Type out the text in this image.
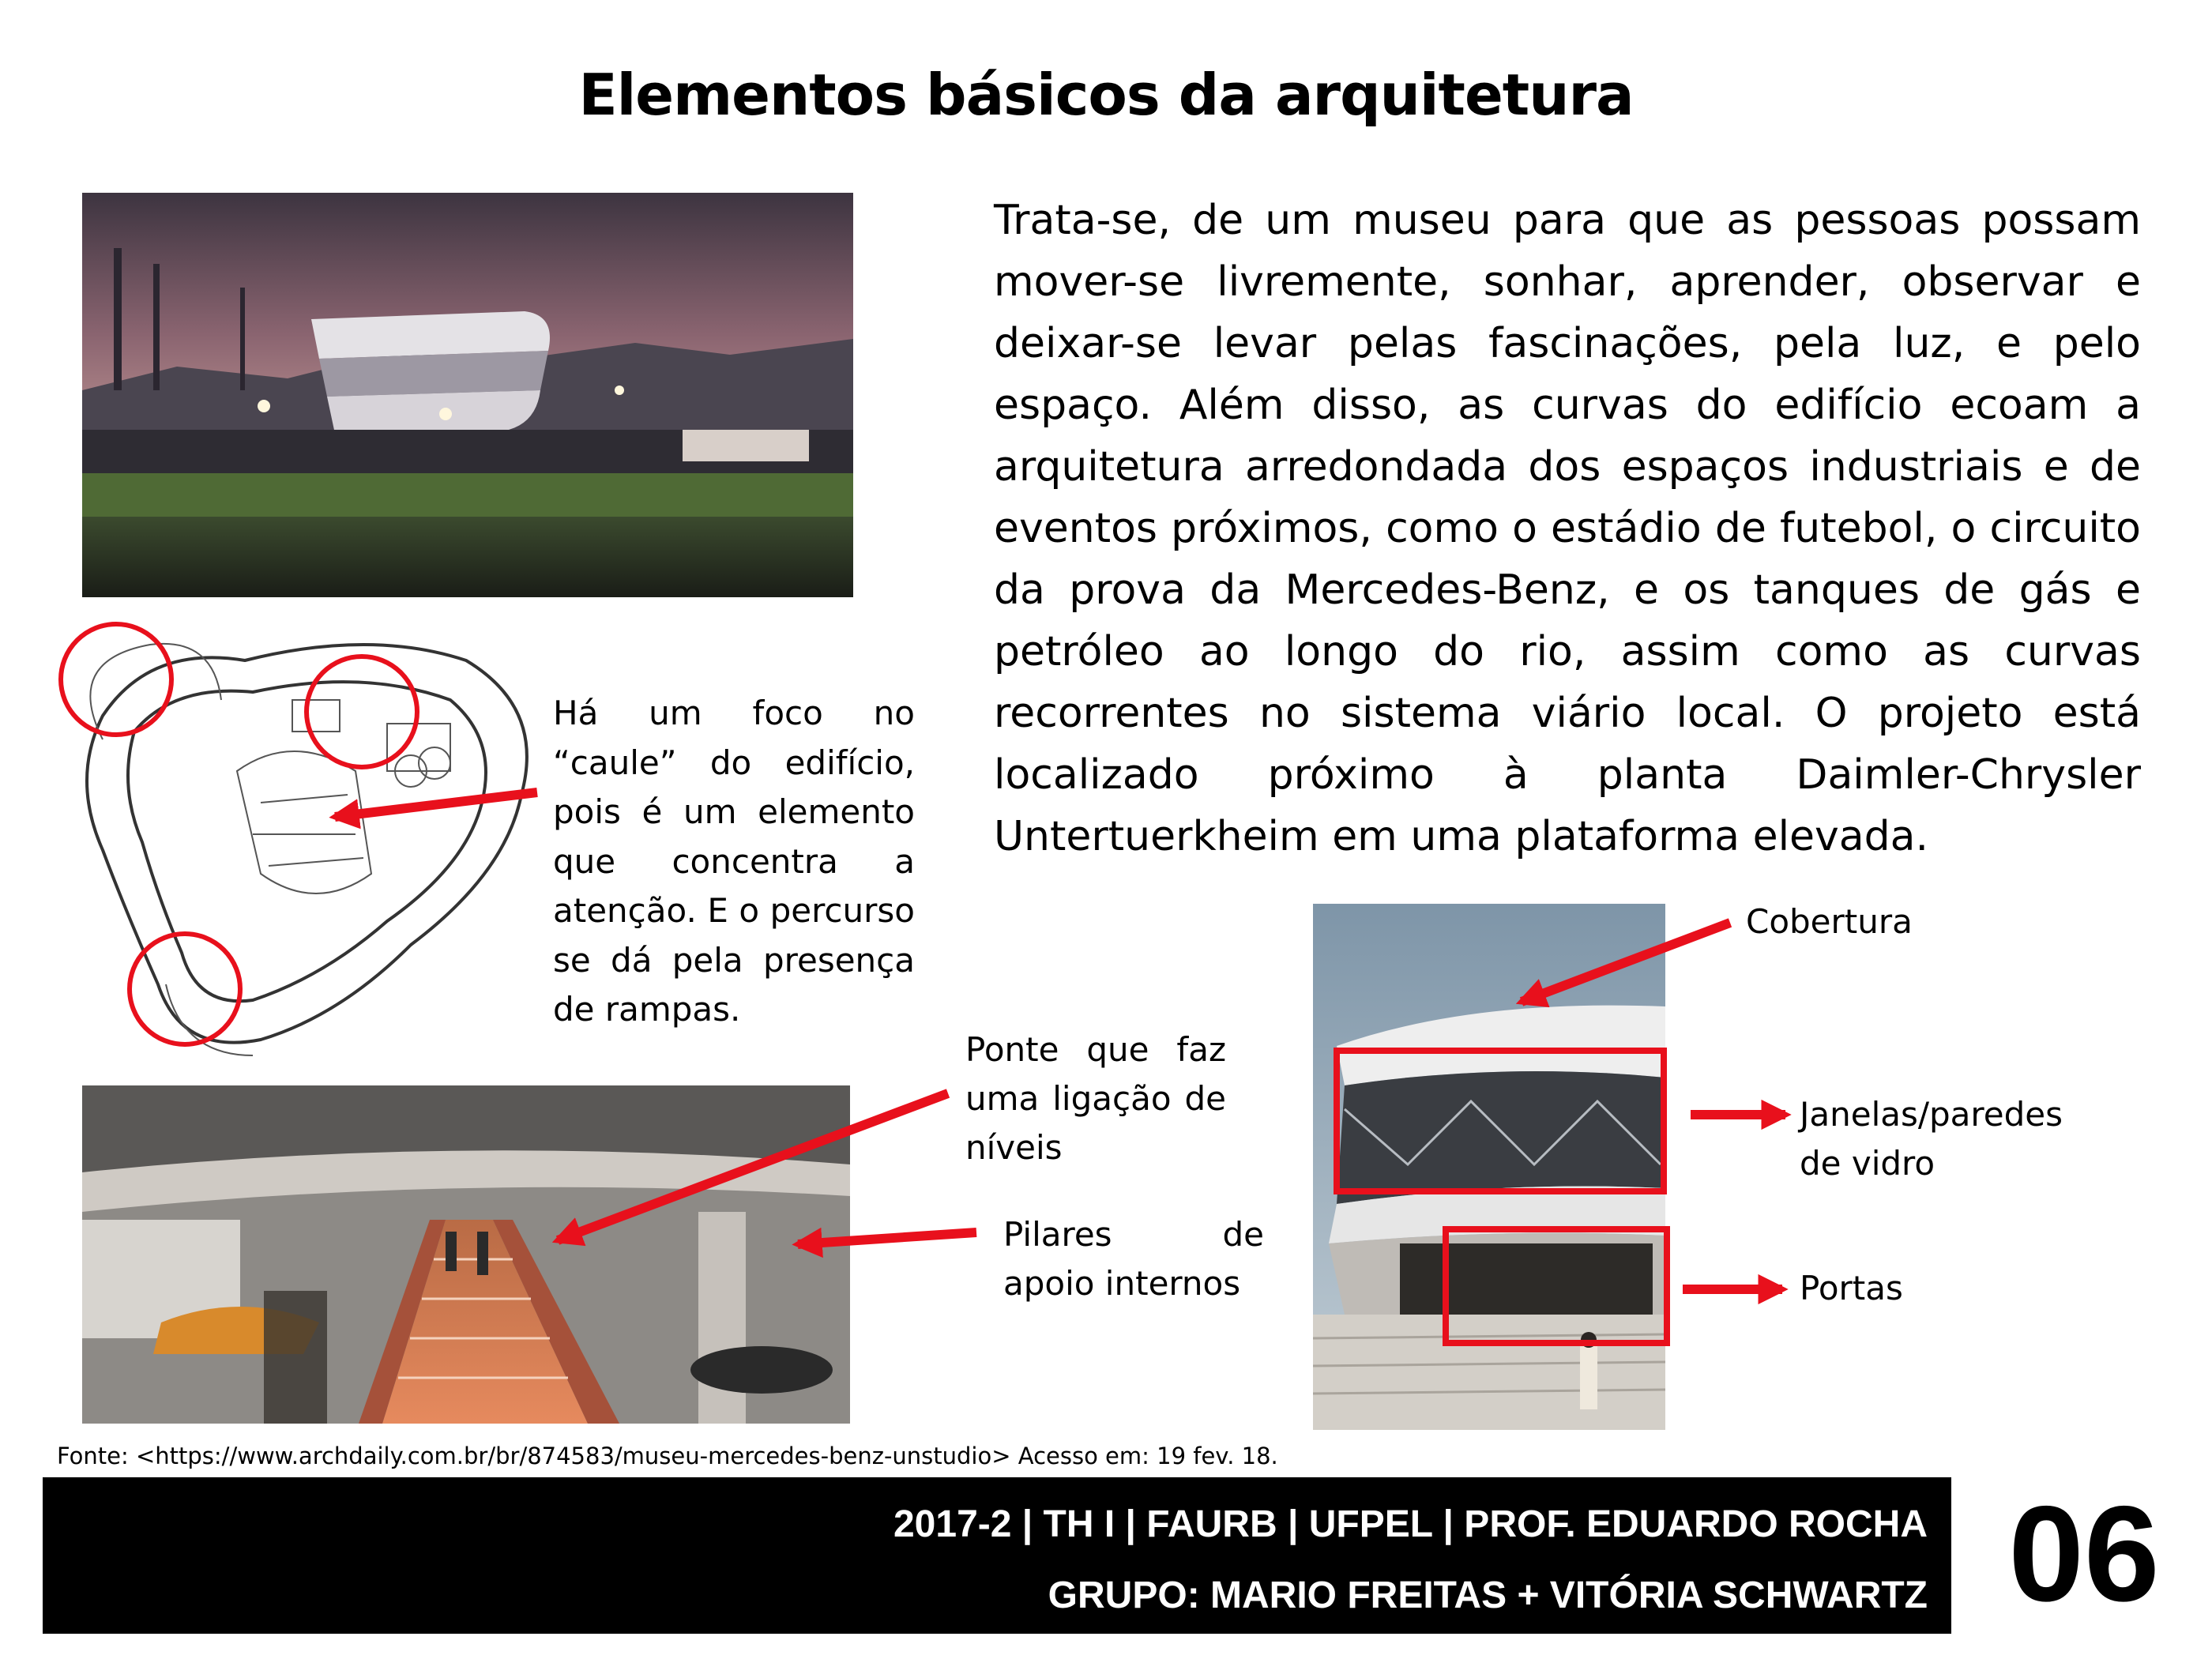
Elementos básicos da arquitetura
Trata-se, de um museu para que as pessoas possam mover-se livremente, sonhar, aprender, observar e deixar-se levar pelas fascinações, pela luz, e pelo espaço. Além disso, as curvas do edifício ecoam a arquitetura arredondada dos espaços industriais e de eventos próximos, como o estádio de futebol, o circuito da prova da Mercedes-Benz, e os tanques de gás e petróleo ao longo do rio, assim como as curvas recorrentes no sistema viário local. O projeto está localizado próximo à planta Daimler-Chrysler Untertuerkheim em uma plataforma elevada.
Há um foco no “caule” do edifício, pois é um elemento que concentra a atenção. E o percurso se dá pela presença de rampas.
Ponte que faz uma ligação de níveis
Pilares de apoio internos
Cobertura
Janelas/paredes de vidro
Portas
Fonte: <https://www.archdaily.com.br/br/874583/museu-mercedes-benz-unstudio> Acesso em: 19 fev. 18.
2017-2 | TH I | FAURB | UFPEL | PROF. EDUARDO ROCHA
GRUPO: MARIO FREITAS + VITÓRIA SCHWARTZ 06
